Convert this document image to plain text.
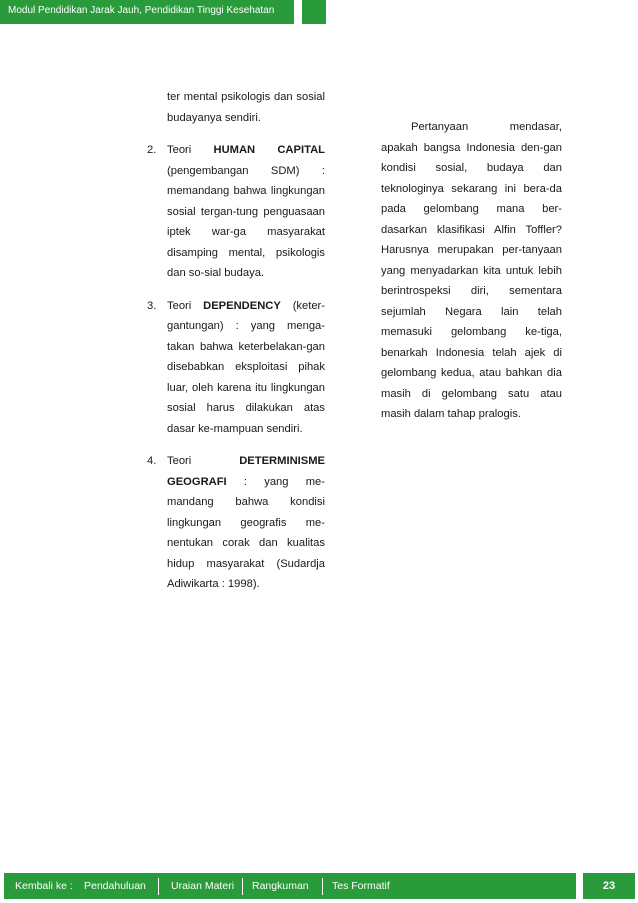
Modul Pendidikan Jarak Jauh, Pendidikan Tinggi Kesehatan
ter mental psikologis dan sosial budayanya sendiri.
2. Teori HUMAN CAPITAL (pengembangan SDM) : memandang bahwa lingkungan sosial tergan-tung penguasaan iptek war-ga masyarakat disamping mental, psikologis dan so-sial budaya.
3. Teori DEPENDENCY (keter-gantungan) : yang menga-takan bahwa keterbelakan-gan disebabkan eksploitasi pihak luar, oleh karena itu lingkungan sosial harus dilakukan atas dasar ke-mampuan sendiri.
4. Teori	DETERMINISME GEOGRAFI : yang me-mandang bahwa kondisi lingkungan geografis me-nentukan corak dan kualitas hidup masyarakat (Sudardja Adiwikarta : 1998).

Pertanyaan mendasar, apakah bangsa Indonesia den-gan kondisi sosial, budaya dan teknologinya sekarang ini bera-da pada gelombang mana ber-dasarkan klasifikasi Alfin Toffler? Harusnya merupakan per-tanyaan yang menyadarkan kita untuk lebih berintrospeksi diri, sementara sejumlah Negara lain telah memasuki gelombang ke-tiga, benarkah Indonesia telah ajek di gelombang kedua, atau bahkan dia masih di gelombang satu atau masih dalam tahap pralogis.

Kembali ke : Pendahuluan Uraian Materi Rangkuman Tes Formatif	23
